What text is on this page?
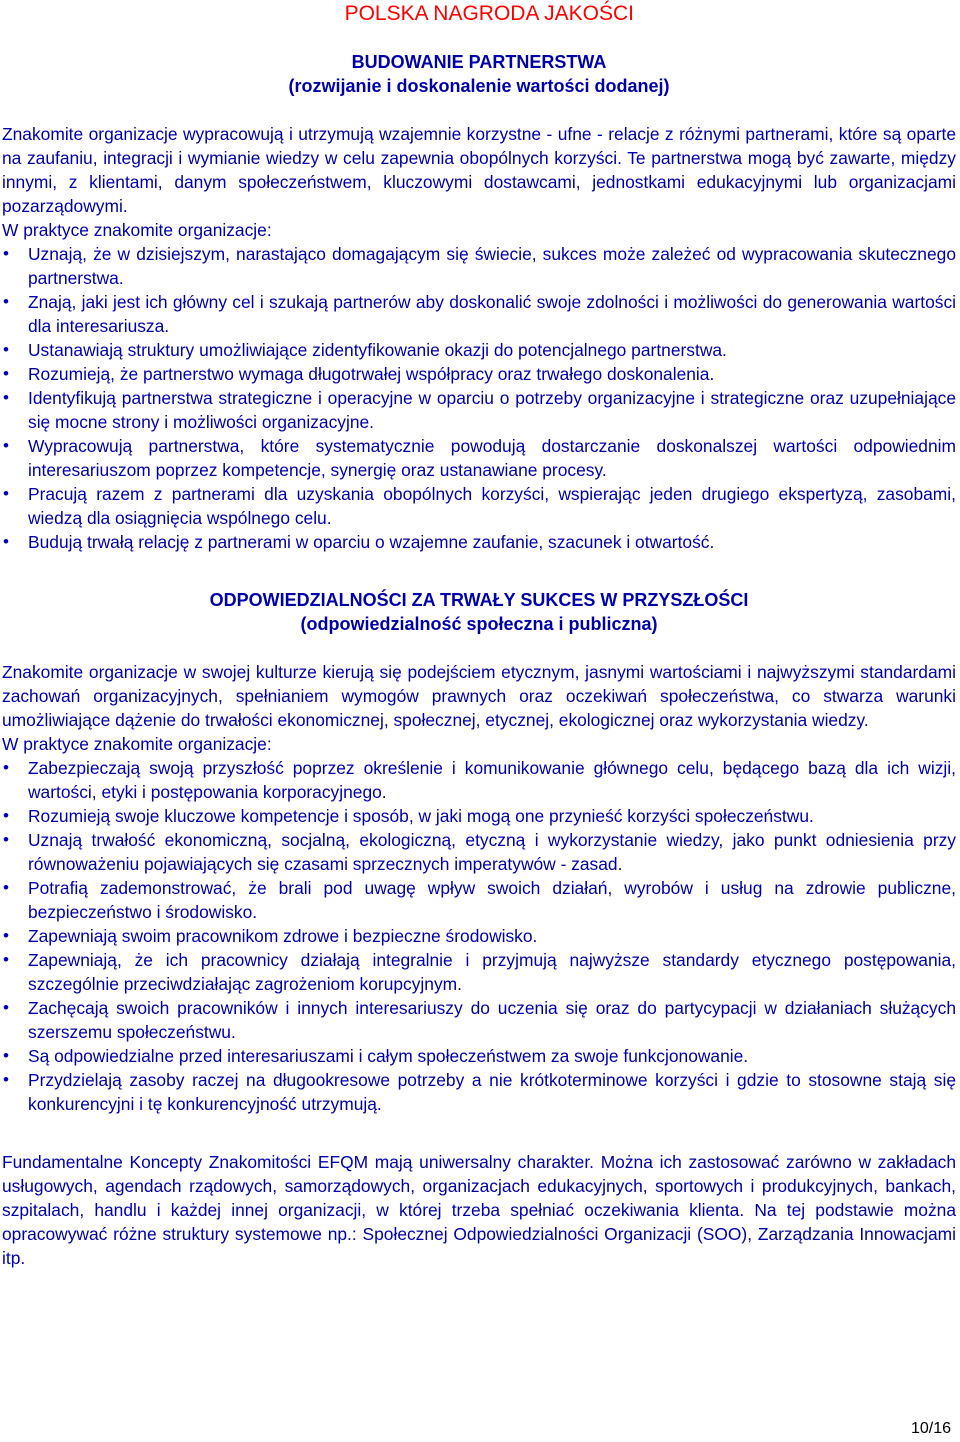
POLSKA NAGRODA JAKOŚCI
BUDOWANIE PARTNERSTWA
(rozwijanie i doskonalenie wartości dodanej)

Znakomite organizacje wypracowują i utrzymują wzajemnie korzystne - ufne - relacje z różnymi partnerami, które są oparte na zaufaniu, integracji i wymianie wiedzy w celu zapewnia obopólnych korzyści. Te partnerstwa mogą być zawarte, między innymi, z klientami, danym społeczeństwem, kluczowymi dostawcami, jednostkami edukacyjnymi lub organizacjami pozarządowymi.

W praktyce znakomite organizacje:

• Uznają, że w dzisiejszym, narastająco domagającym się świecie, sukces może zależeć od wypracowania skutecznego partnerstwa.
• Znają, jaki jest ich główny cel i szukają partnerów aby doskonalić swoje zdolności i możliwości do generowania wartości dla interesariusza.
• Ustanawiają struktury umożliwiające zidentyfikowanie okazji do potencjalnego partnerstwa.
• Rozumieją, że partnerstwo wymaga długotrwałej współpracy oraz trwałego doskonalenia.
• Identyfikują partnerstwa strategiczne i operacyjne w oparciu o potrzeby organizacyjne i strategiczne oraz uzupełniające się mocne strony i możliwości organizacyjne.
• Wypracowują partnerstwa, które systematycznie powodują dostarczanie doskonalszej wartości odpowiednim interesariuszom poprzez kompetencje, synergię oraz ustanawiane procesy.
• Pracują razem z partnerami dla uzyskania obopólnych korzyści, wspierając jeden drugiego ekspertyzą, zasobami, wiedzą dla osiągnięcia wspólnego celu.
• Budują trwałą relację z partnerami w oparciu o wzajemne zaufanie, szacunek i otwartość.
ODPOWIEDZIALNOŚCI ZA TRWAŁY SUKCES W PRZYSZŁOŚCI
(odpowiedzialność społeczna i publiczna)

Znakomite organizacje w swojej kulturze kierują się podejściem etycznym, jasnymi wartościami i najwyższymi standardami zachowań organizacyjnych, spełnianiem wymogów prawnych oraz oczekiwań społeczeństwa, co stwarza warunki umożliwiające dążenie do trwałości ekonomicznej, społecznej, etycznej, ekologicznej oraz wykorzystania wiedzy.

W praktyce znakomite organizacje:

• Zabezpieczają swoją przyszłość poprzez określenie i komunikowanie głównego celu, będącego bazą dla ich wizji, wartości, etyki i postępowania korporacyjnego.
• Rozumieją swoje kluczowe kompetencje i sposób, w jaki mogą one przynieść korzyści społeczeństwu.
• Uznają trwałość ekonomiczną, socjalną, ekologiczną, etyczną i wykorzystanie wiedzy, jako punkt odniesienia przy równoważeniu pojawiających się czasami sprzecznych imperatywów - zasad.
• Potrafią zademonstrować, że brali pod uwagę wpływ swoich działań, wyrobów i usług na zdrowie publiczne, bezpieczeństwo i środowisko.
• Zapewniają swoim pracownikom zdrowe i bezpieczne środowisko.
• Zapewniają, że ich pracownicy działają integralnie i przyjmują najwyższe standardy etycznego postępowania, szczególnie przeciwdziałając zagrożeniom korupcyjnym.
• Zachęcają swoich pracowników i innych interesariuszy do uczenia się oraz do partycypacji w działaniach służących szerszemu społeczeństwu.
• Są odpowiedzialne przed interesariuszami i całym społeczeństwem za swoje funkcjonowanie.
• Przydzielają zasoby raczej na długookresowe potrzeby a nie krótkoterminowe korzyści i gdzie to stosowne stają się konkurencyjni i tę konkurencyjność utrzymują.

Fundamentalne Koncepty Znakomitości EFQM mają uniwersalny charakter. Można ich zastosować zarówno w zakładach usługowych, agendach rządowych, samorządowych, organizacjach edukacyjnych, sportowych i produkcyjnych, bankach, szpitalach, handlu i każdej innej organizacji, w której trzeba spełniać oczekiwania klienta. Na tej podstawie można opracowywać różne struktury systemowe np.: Społecznej Odpowiedzialności Organizacji (SOO), Zarządzania Innowacjami itp.

10/16
